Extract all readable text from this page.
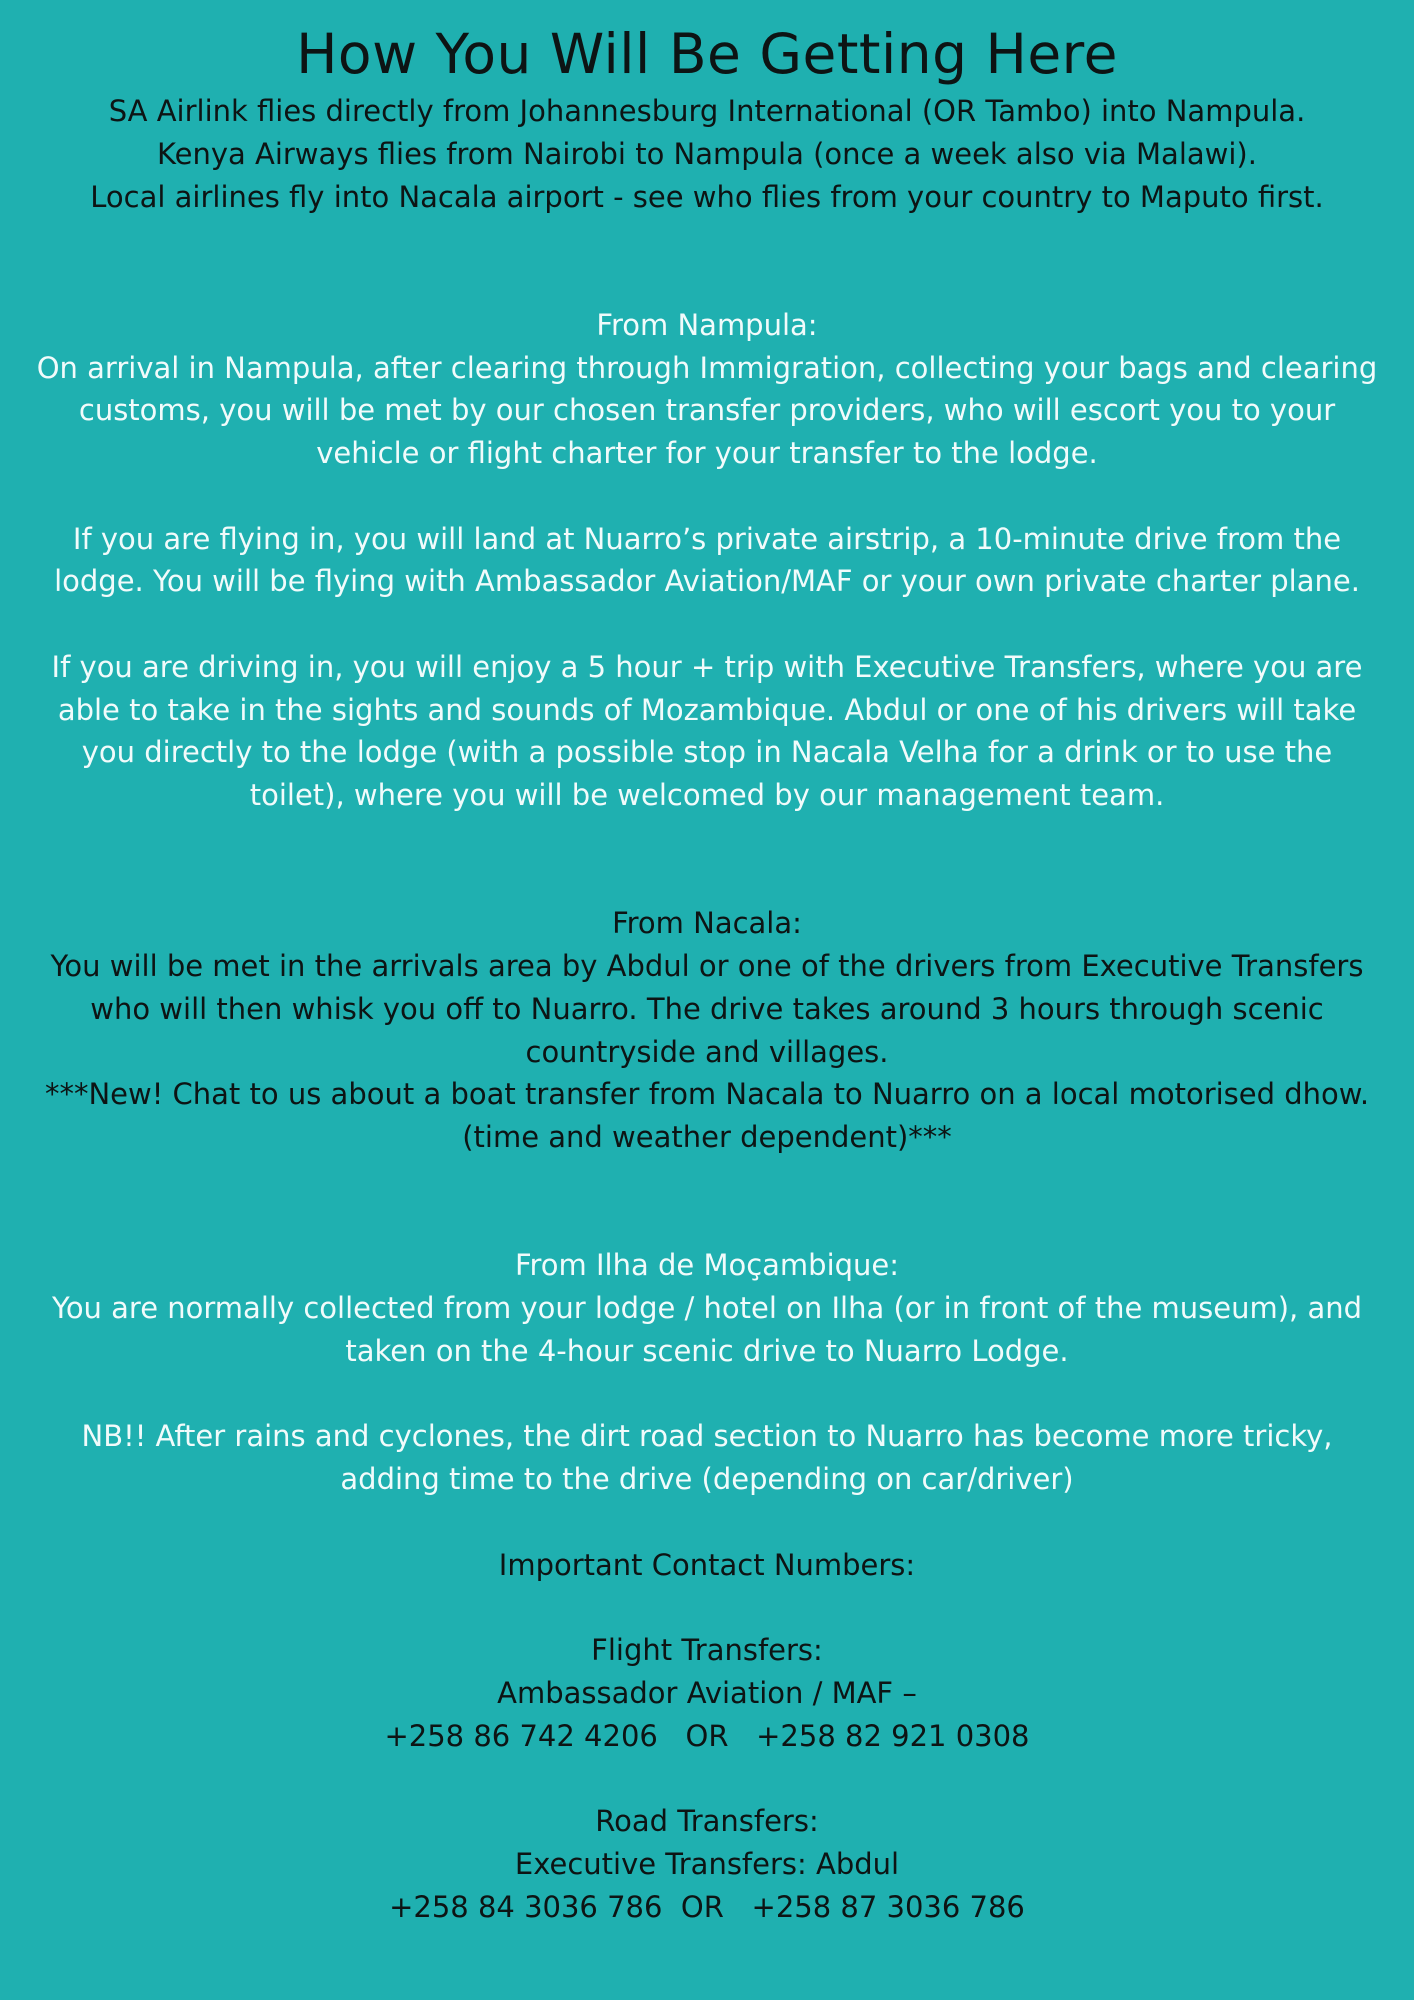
How You Will Be Getting Here

SA Airlink flies directly from Johannesburg International (OR Tambo) into Nampula.

Kenya Airways flies from Nairobi to Nampula (once a week also via Malawi).

Local airlines fly into Nacala airport - see who flies from your country to Maputo first.

From Nampula:

On arrival in Nampula, after clearing through Immigration, collecting your bags and clearing customs, you will be met by our chosen transfer providers, who will escort you to your vehicle or flight charter for your transfer to the lodge.

If you are flying in, you will land at Nuarro’s private airstrip, a 10-minute drive from the lodge. You will be flying with Ambassador Aviation/MAF or your own private charter plane.

If you are driving in, you will enjoy a 5 hour + trip with Executive Transfers, where you are able to take in the sights and sounds of Mozambique. Abdul or one of his drivers will take you directly to the lodge (with a possible stop in Nacala Velha for a drink or to use the toilet), where you will be welcomed by our management team.

From Nacala:

You will be met in the arrivals area by Abdul or one of the drivers from Executive Transfers who will then whisk you off to Nuarro. The drive takes around 3 hours through scenic countryside and villages.

***New! Chat to us about a boat transfer from Nacala to Nuarro on a local motorised dhow. (time and weather dependent)***

From Ilha de Moçambique:

You are normally collected from your lodge / hotel on Ilha (or in front of the museum), and taken on the 4-hour scenic drive to Nuarro Lodge.

NB!! After rains and cyclones, the dirt road section to Nuarro has become more tricky, adding time to the drive (depending on car/driver)

Important Contact Numbers:

Flight Transfers:

Ambassador Aviation / MAF –

+258 86 742 4206   OR   +258 82 921 0308

Road Transfers:

Executive Transfers: Abdul

+258 84 3036 786  OR   +258 87 3036 786
